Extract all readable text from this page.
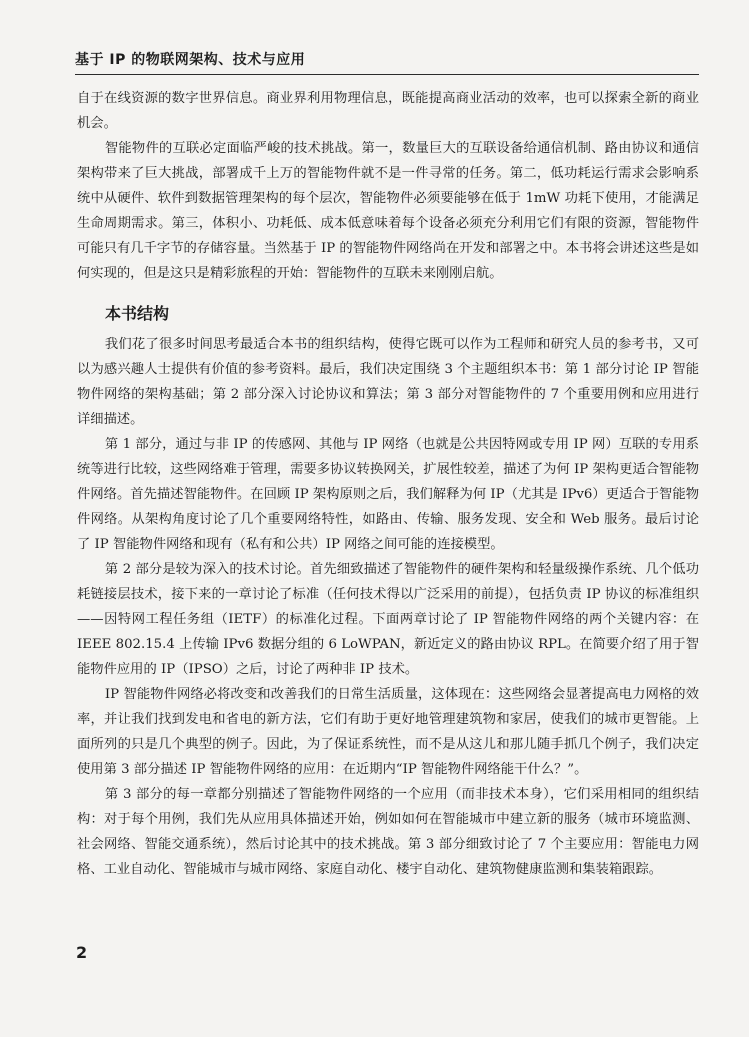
基于 IP 的物联网架构、技术与应用

自于在线资源的数字世界信息。商业界利用物理信息，既能提高商业活动的效率，也可以探索全新的商业机会。

智能物件的互联必定面临严峻的技术挑战。第一，数量巨大的互联设备给通信机制、路由协议和通信架构带来了巨大挑战，部署成千上万的智能物件就不是一件寻常的任务。第二，低功耗运行需求会影响系统中从硬件、软件到数据管理架构的每个层次，智能物件必须要能够在低于 1mW 功耗下使用，才能满足生命周期需求。第三，体积小、功耗低、成本低意味着每个设备必须充分利用它们有限的资源，智能物件可能只有几千字节的存储容量。当然基于 IP 的智能物件网络尚在开发和部署之中。本书将会讲述这些是如何实现的，但是这只是精彩旅程的开始：智能物件的互联未来刚刚启航。

本书结构

我们花了很多时间思考最适合本书的组织结构，使得它既可以作为工程师和研究人员的参考书，又可以为感兴趣人士提供有价值的参考资料。最后，我们决定围绕 3 个主题组织本书：第 1 部分讨论 IP 智能物件网络的架构基础；第 2 部分深入讨论协议和算法；第 3 部分对智能物件的 7 个重要用例和应用进行详细描述。

第 1 部分，通过与非 IP 的传感网、其他与 IP 网络（也就是公共因特网或专用 IP 网）互联的专用系统等进行比较，这些网络难于管理，需要多协议转换网关，扩展性较差，描述了为何 IP 架构更适合智能物件网络。首先描述智能物件。在回顾 IP 架构原则之后，我们解释为何 IP（尤其是 IPv6）更适合于智能物件网络。从架构角度讨论了几个重要网络特性，如路由、传输、服务发现、安全和 Web 服务。最后讨论了 IP 智能物件网络和现有（私有和公共）IP 网络之间可能的连接模型。

第 2 部分是较为深入的技术讨论。首先细致描述了智能物件的硬件架构和轻量级操作系统、几个低功耗链接层技术，接下来的一章讨论了标准（任何技术得以广泛采用的前提），包括负责 IP 协议的标准组织——因特网工程任务组（IETF）的标准化过程。下面两章讨论了 IP 智能物件网络的两个关键内容：在 IEEE 802.15.4 上传输 IPv6 数据分组的 6 LoWPAN，新近定义的路由协议 RPL。在简要介绍了用于智能物件应用的 IP（IPSO）之后，讨论了两种非 IP 技术。

IP 智能物件网络必将改变和改善我们的日常生活质量，这体现在：这些网络会显著提高电力网格的效率，并让我们找到发电和省电的新方法，它们有助于更好地管理建筑物和家居，使我们的城市更智能。上面所列的只是几个典型的例子。因此，为了保证系统性，而不是从这儿和那儿随手抓几个例子，我们决定使用第 3 部分描述 IP 智能物件网络的应用：在近期内“IP 智能物件网络能干什么？”。

第 3 部分的每一章都分别描述了智能物件网络的一个应用（而非技术本身），它们采用相同的组织结构：对于每个用例，我们先从应用具体描述开始，例如如何在智能城市中建立新的服务（城市环境监测、社会网络、智能交通系统），然后讨论其中的技术挑战。第 3 部分细致讨论了 7 个主要应用：智能电力网格、工业自动化、智能城市与城市网络、家庭自动化、楼宇自动化、建筑物健康监测和集装箱跟踪。

2
